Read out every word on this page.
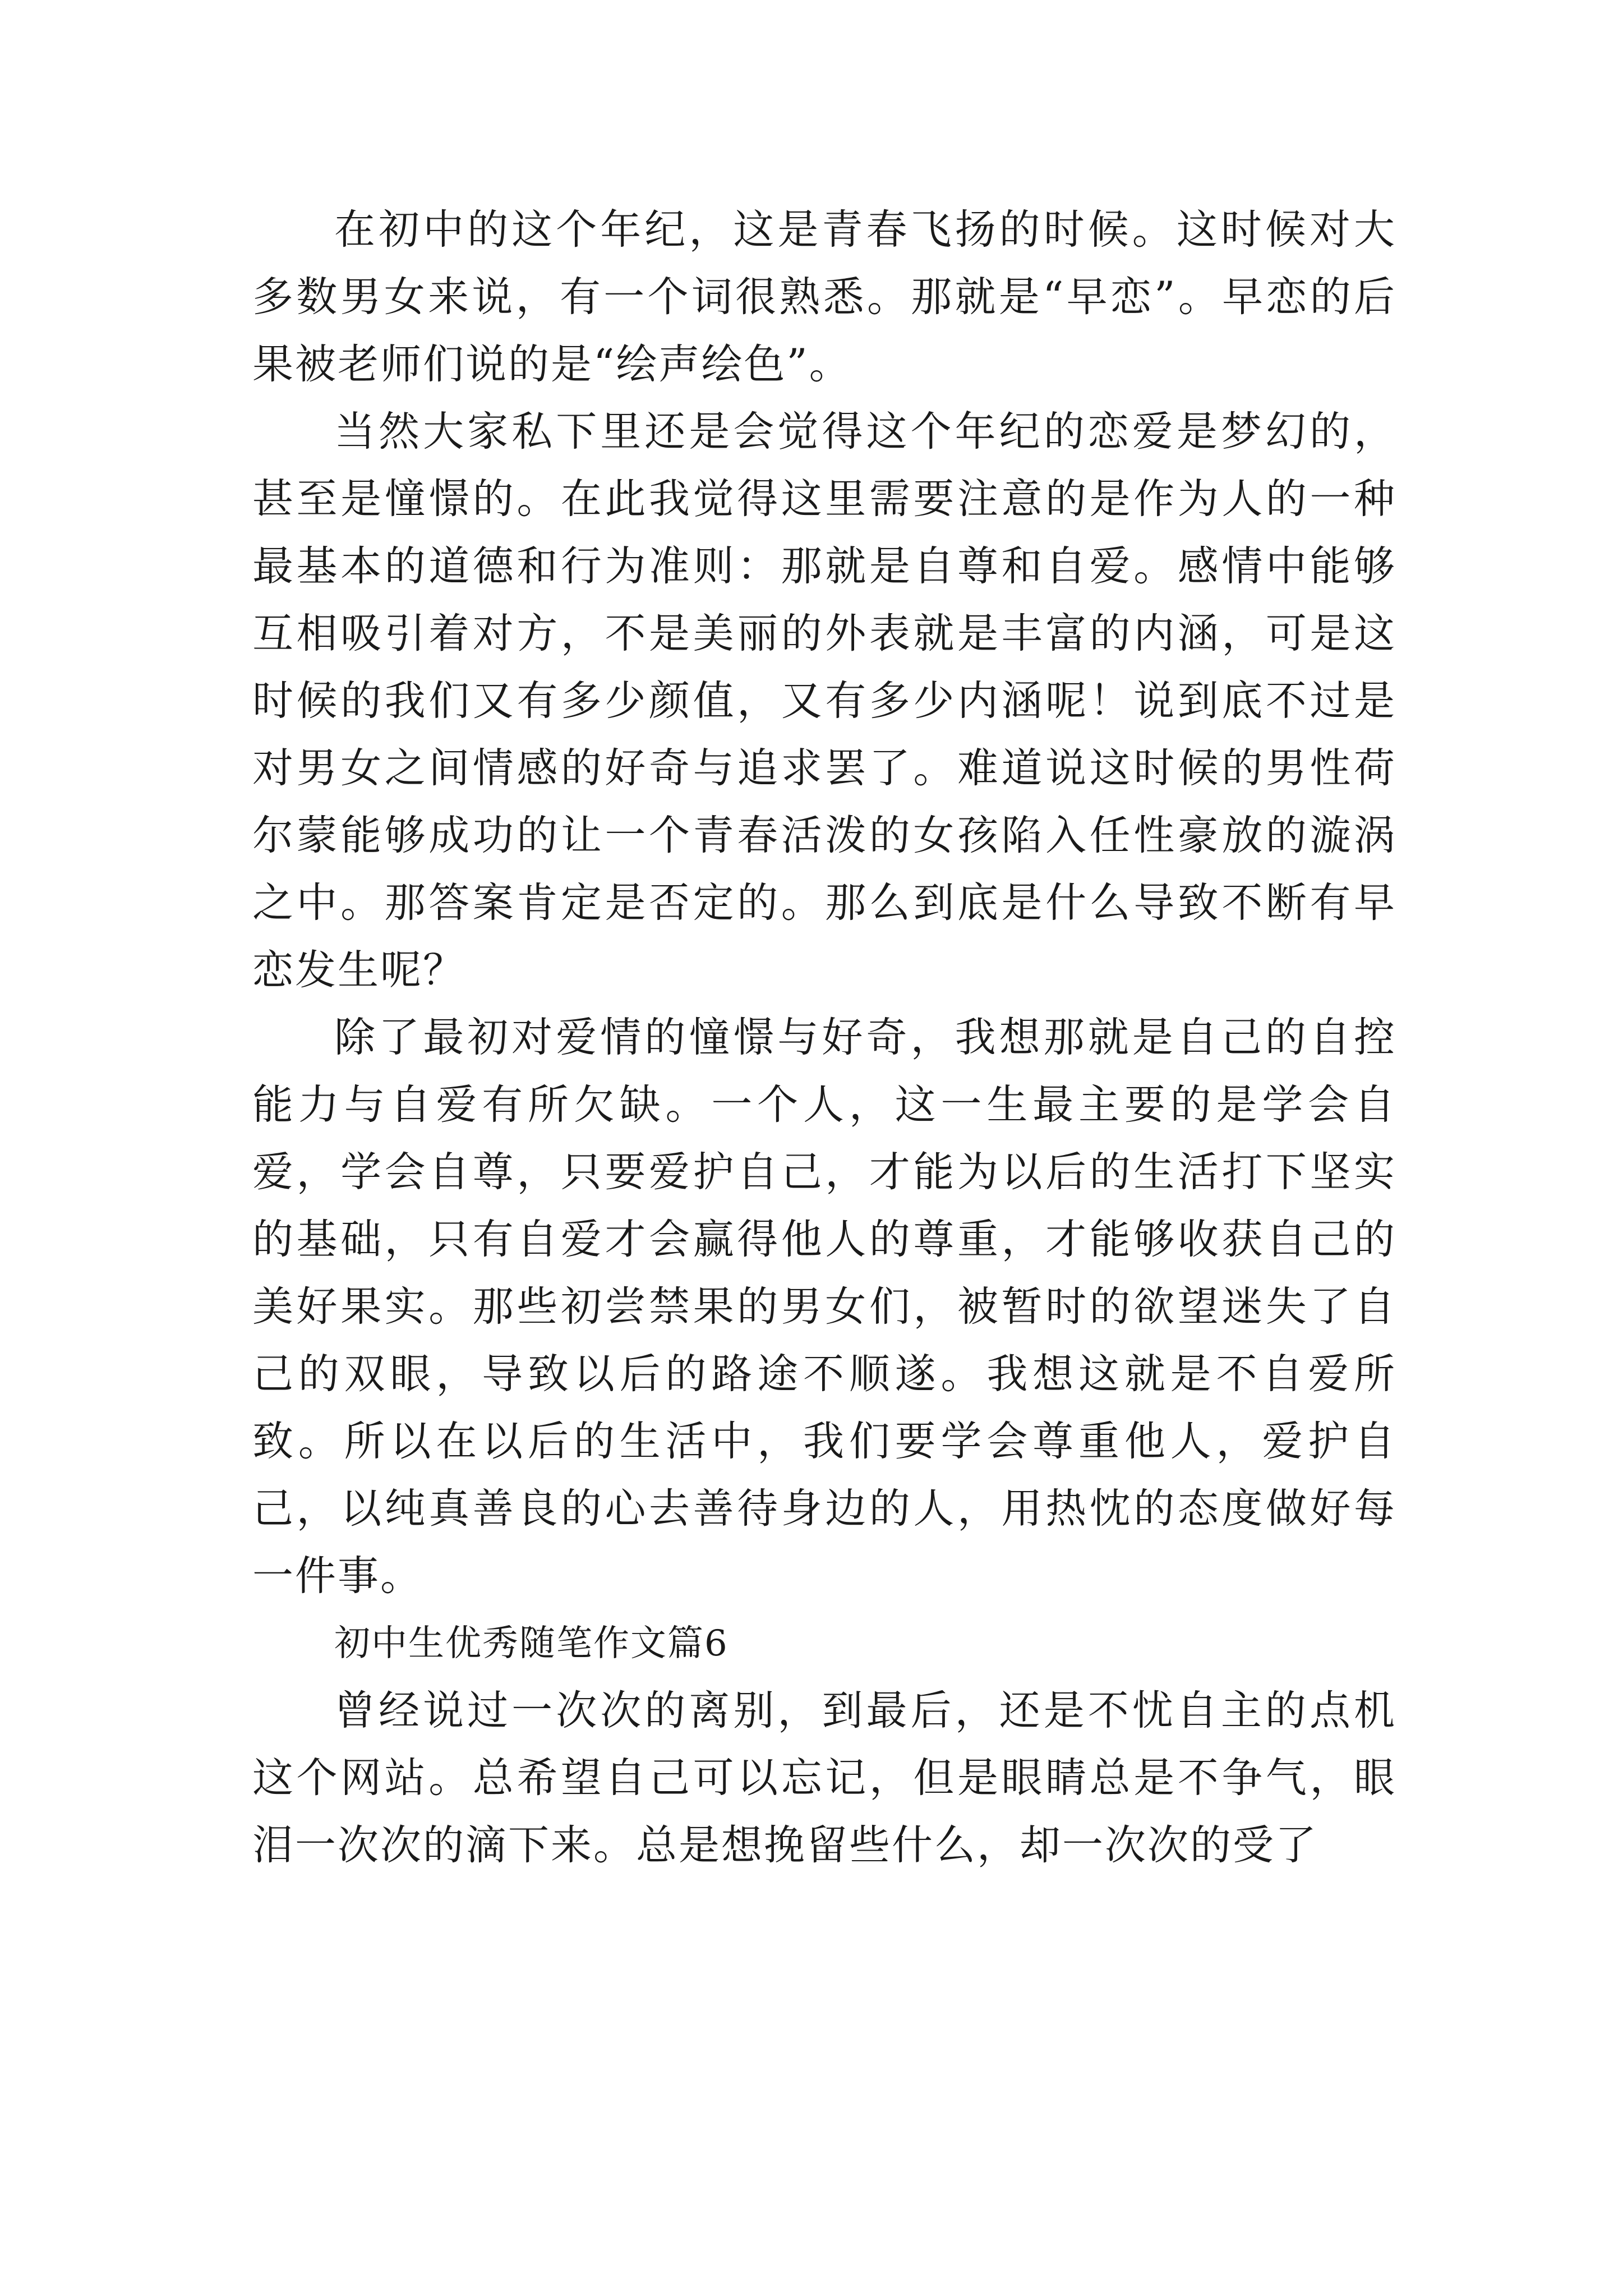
在初中的这个年纪，这是青春飞扬的时候。这时候对大多数男女来说，有一个词很熟悉。那就是“早恋”。早恋的后果被老师们说的是“绘声绘色”。

当然大家私下里还是会觉得这个年纪的恋爱是梦幻的，甚至是憧憬的。在此我觉得这里需要注意的是作为人的一种最基本的道德和行为准则：那就是自尊和自爱。感情中能够互相吸引着对方，不是美丽的外表就是丰富的内涵，可是这时候的我们又有多少颜值，又有多少内涵呢！说到底不过是对男女之间情感的好奇与追求罢了。难道说这时候的男性荷尔蒙能够成功的让一个青春活泼的女孩陷入任性豪放的漩涡之中。那答案肯定是否定的。那么到底是什么导致不断有早恋发生呢？

除了最初对爱情的憧憬与好奇，我想那就是自己的自控能力与自爱有所欠缺。一个人，这一生最主要的是学会自爱，学会自尊，只要爱护自己，才能为以后的生活打下坚实的基础，只有自爱才会赢得他人的尊重，才能够收获自己的美好果实。那些初尝禁果的男女们，被暂时的欲望迷失了自己的双眼，导致以后的路途不顺遂。我想这就是不自爱所致。所以在以后的生活中，我们要学会尊重他人，爱护自己，以纯真善良的心去善待身边的人，用热忱的态度做好每一件事。

初中生优秀随笔作文篇6

曾经说过一次次的离别，到最后，还是不忧自主的点机这个网站。总希望自己可以忘记，但是眼睛总是不争气，眼泪一次次的滴下来。总是想挽留些什么，却一次次的受了
